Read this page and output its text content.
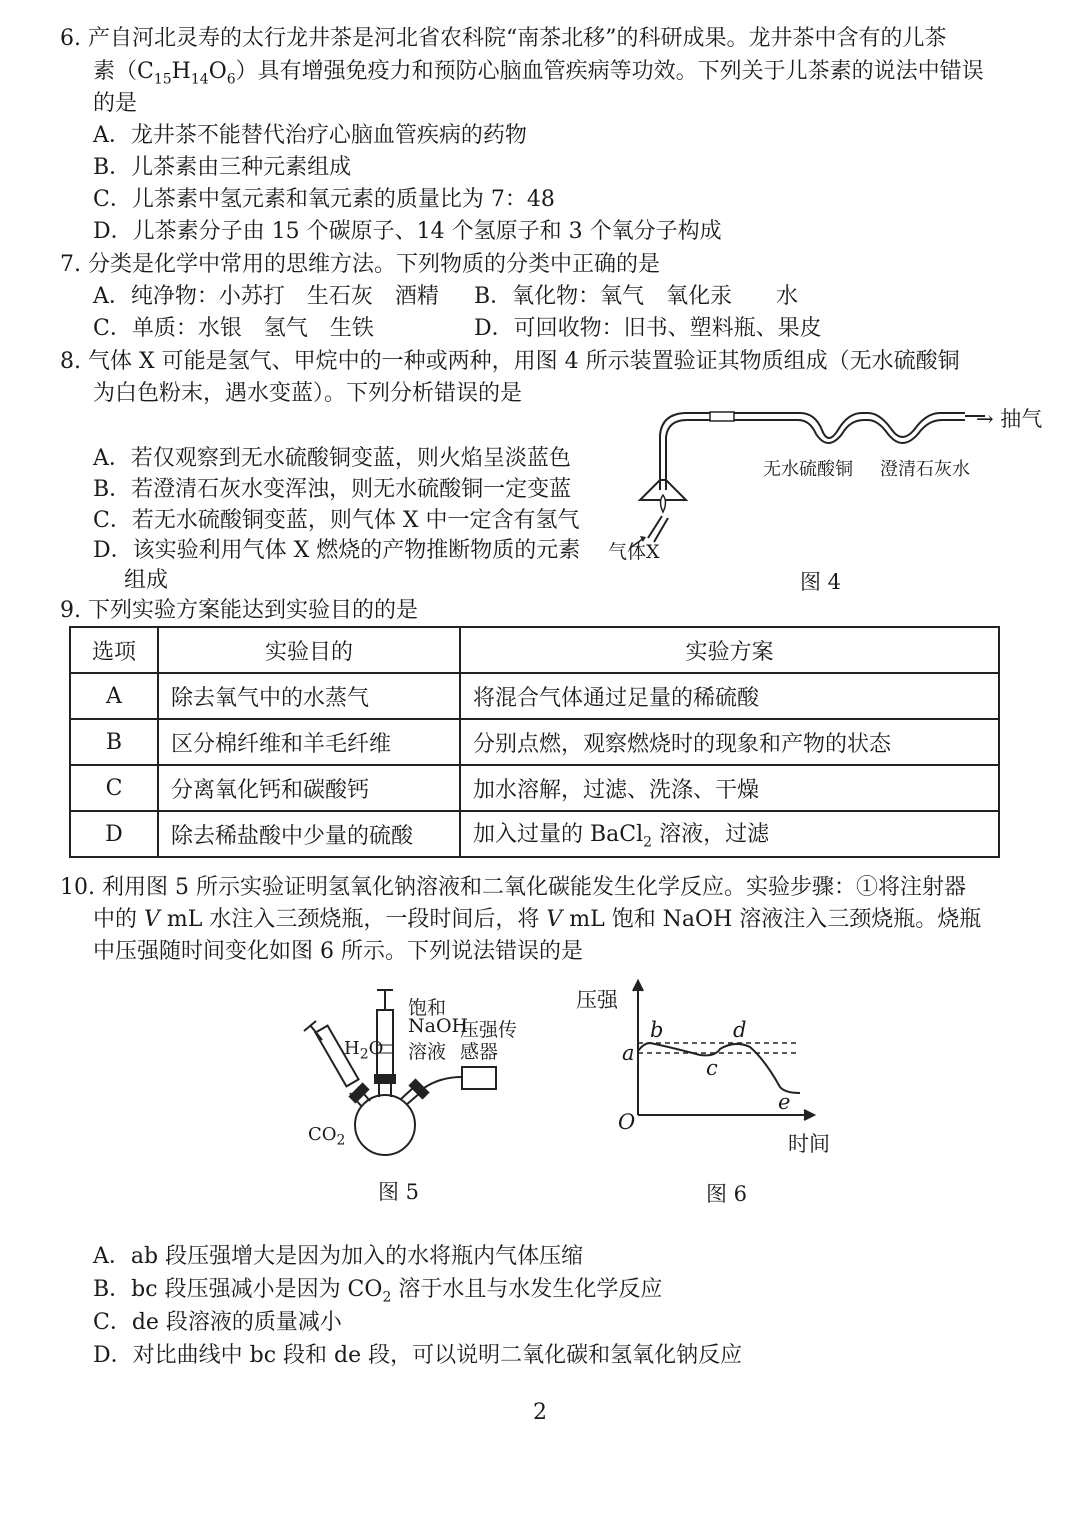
6. 产自河北灵寿的太行龙井茶是河北省农科院“南茶北移”的科研成果。龙井茶中含有的儿茶
素$(C_{15}H_{14}O_6)$具有增强免疫力和预防心脑血管疾病等功效。下列关于儿茶素的说法中错误
的是
A．龙井茶不能替代治疗心脑血管疾病的药物
B．儿茶素由三种元素组成
C．儿茶素中氢元素和氧元素的质量比为 7：48
D．儿茶素分子由 15 个碳原子、14 个氢原子和 3 个氧分子构成
7. 分类是化学中常用的思维方法。下列物质的分类中正确的是
A．纯净物：小苏打　生石灰　酒精 B．氧化物：氧气　氧化汞　　水
C．单质：水银　氢气　生铁	D．可回收物：旧书、塑料瓶、果皮
8. 气体 X 可能是氢气、甲烷中的一种或两种，用图 4 所示装置验证其物质组成（无水硫酸铜
为白色粉末，遇水变蓝）。下列分析错误的是
A．若仅观察到无水硫酸铜变蓝，则火焰呈淡蓝色
B．若澄清石灰水变浑浊，则无水硫酸铜一定变蓝
C．若无水硫酸铜变蓝，则气体 X 中一定含有氢气
D．该实验利用气体 X 燃烧的产物推断物质的元素
组成
→ 抽气
无水硫酸铜 澄清石灰水
气体X
图 4
9. 下列实验方案能达到实验目的的是
选项	实验目的	实验方案
A	除去氧气中的水蒸气	将混合气体通过足量的稀硫酸
B	区分棉纤维和羊毛纤维	分别点燃，观察燃烧时的现象和产物的状态
C	分离氧化钙和碳酸钙	加水溶解，过滤、洗涤、干燥
D	除去稀盐酸中少量的硫酸	加入过量的 BaCl$_2$ 溶液，过滤
10. 利用图 5 所示实验证明氢氧化钠溶液和二氧化碳能发生化学反应。实验步骤：①将注射器
中的 V mL 水注入三颈烧瓶，一段时间后，将 V mL 饱和 NaOH 溶液注入三颈烧瓶。烧瓶
中压强随时间变化如图 6 所示。下列说法错误的是
饱和
NaOH
压强传
溶液 感器
$H_2O$
$CO_2$
图 5
压强
时间
O
a
b
c
d
e
图 6
A．ab 段压强增大是因为加入的水将瓶内气体压缩
B．bc 段压强减小是因为 $CO_2$ 溶于水且与水发生化学反应
C．de 段溶液的质量减小
D．对比曲线中 bc 段和 de 段，可以说明二氧化碳和氢氧化钠反应
2
